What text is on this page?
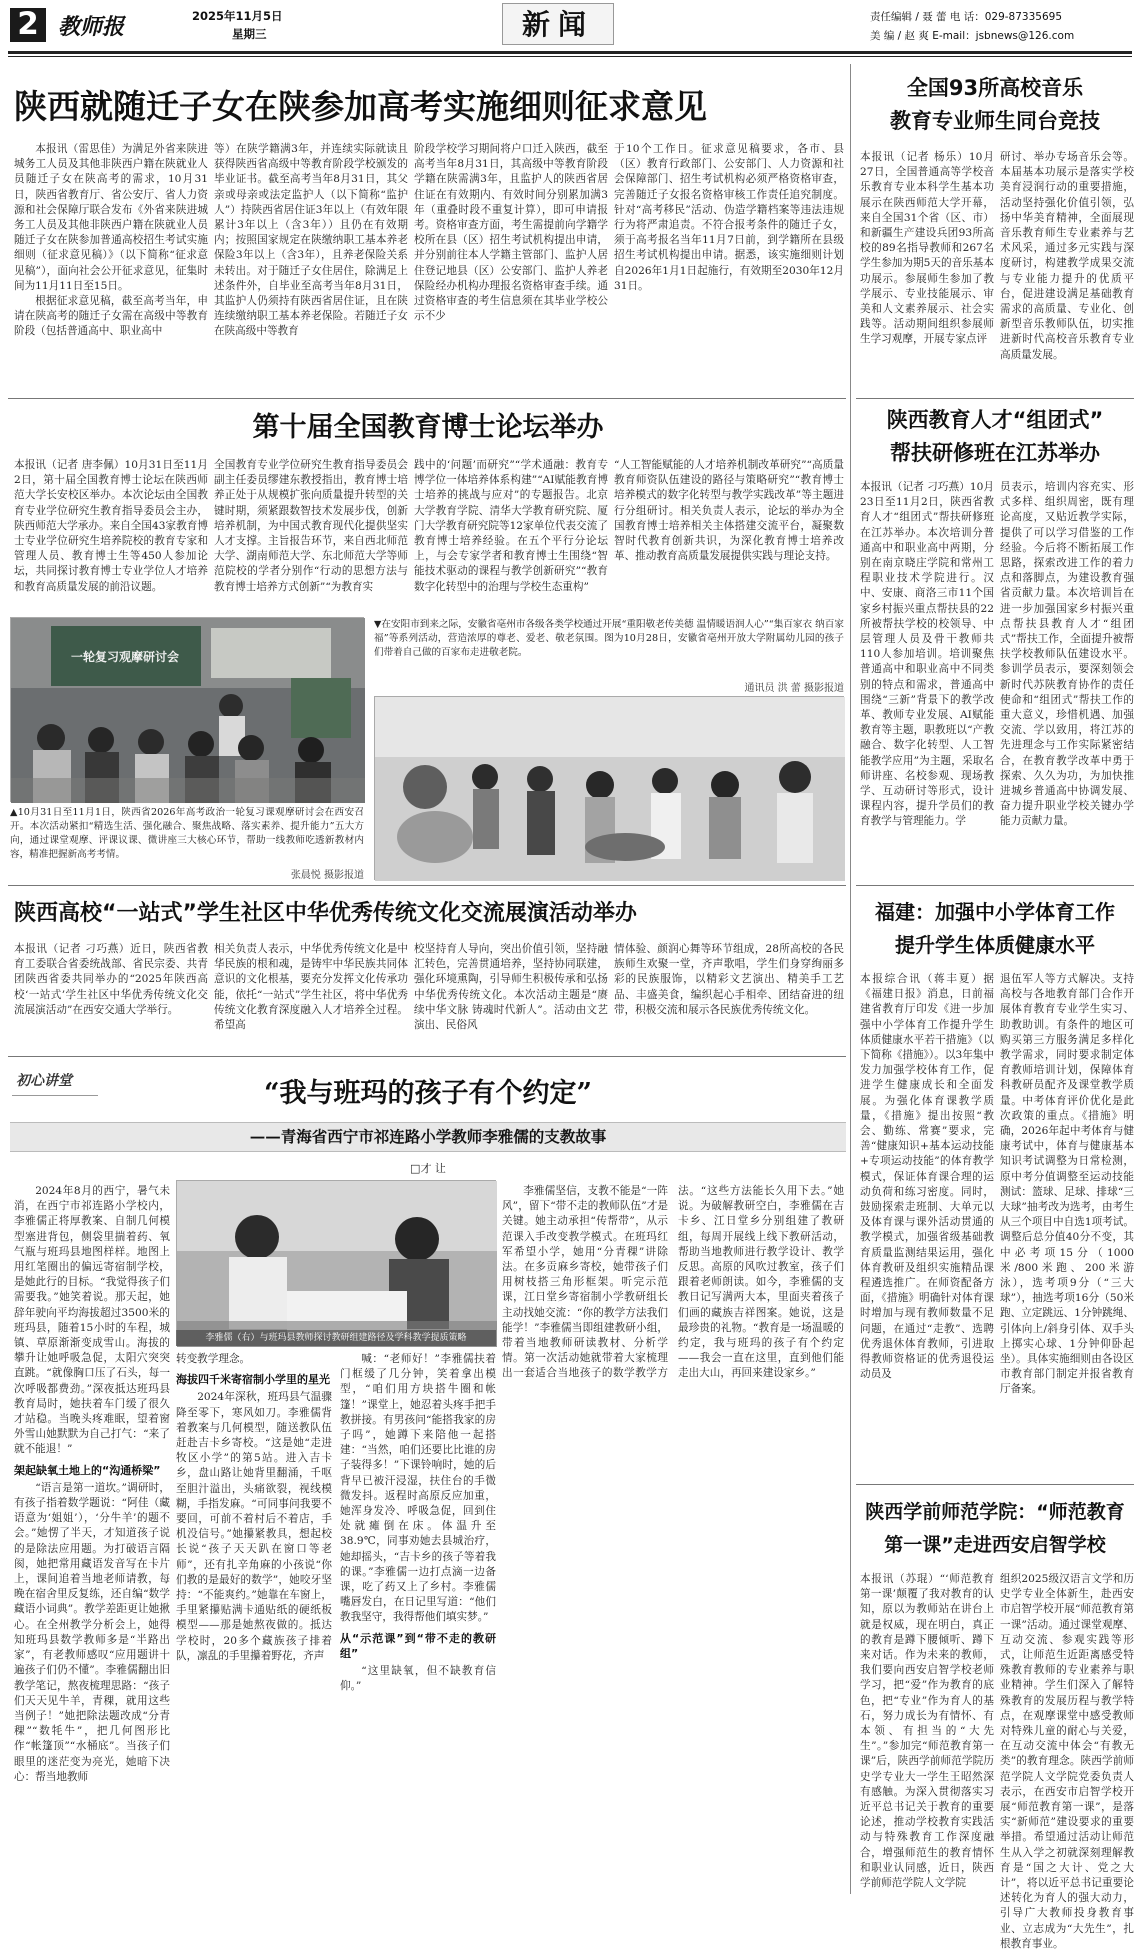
2 教师报	2025年11月5日
星期三	新闻	责任编辑 / 聂 蕾 电 话：029-87335695
美 编 / 赵 爽 E-mail：jsbnews@126.com
陕西就随迁子女在陕参加高考实施细则征求意见

本报讯（雷思佳）为满足外省来陕进城务工人员及其他非陕西户籍在陕就业人员随迁子女在陕高考的需求，10月31日，陕西省教育厅、省公安厅、省人力资源和社会保障厅联合发布《外省来陕进城务工人员及其他非陕西户籍在陕就业人员随迁子女在陕参加普通高校招生考试实施细则（征求意见稿）》（以下简称“征求意见稿”），面向社会公开征求意见，征集时间为11月11日至15日。

根据征求意见稿，截至高考当年，申请在陕高考的随迁子女需在高级中等教育阶段（包括普通高中、职业高中

等）在陕学籍满3年，并连续实际就读且获得陕西省高级中等教育阶段学校颁发的毕业证书。截至高考当年8月31日，其父亲或母亲或法定监护人（以下简称“监护人”）持陕西省居住证3年以上（有效年限累计3年以上（含3年））且仍在有效期内；按照国家规定在陕缴纳职工基本养老保险3年以上（含3年），且养老保险关系未转出。对于随迁子女住居住，除满足上述条件外，自毕业至高考当年8月31日，其监护人仍须持有陕西省居住证，且在陕连续缴纳职工基本养老保险。若随迁子女在陕高级中等教育
阶段学校学习期间将户口迁入陕西，截至高考当年8月31日，其高级中等教育阶段学籍在陕需满3年，且监护人的陕西省居住证在有效期内、有效时间分别累加满3年（重叠时段不重复计算），即可申请报考。资格审查方面，考生需提前向学籍学校所在县（区）招生考试机构提出申请，并分别前往本人学籍主管部门、监护人居住登记地县（区）公安部门、监护人养老保险经办机构办理报名资格审查手续。通过资格审查的考生信息须在其毕业学校公示不少
于10个工作日。征求意见稿要求，各市、县（区）教育行政部门、公安部门、人力资源和社会保障部门、招生考试机构必须严格资格审查，完善随迁子女报名资格审核工作责任追究制度。针对“高考移民”活动、伪造学籍档案等违法违规行为将严肃追责。不符合报考条件的随迁子女，须于高考报名当年11月7日前，到学籍所在县级招生考试机构提出申请。据悉，该实施细则计划自2026年1月1日起施行，有效期至2030年12月31日。
全国93所高校音乐
教育专业师生同台竞技
本报讯（记者 杨乐）10月27日，全国普通高等学校音乐教育专业本科学生基本功展示在陕西师范大学开幕，来自全国31个省（区、市）和新疆生产建设兵团93所高校的89名指导教师和267名学生参加为期5天的音乐基本功展示。参展师生参加了教学展示、专业技能展示、审美和人文素养展示、社会实践等。活动期间组织参展师生学习观摩，开展专家点评
研讨、举办专场音乐会等。本届基本功展示是落实学校美育浸润行动的重要措施，活动坚持强化价值引领，弘扬中华美育精神，全面展现音乐教育师生专业素养与艺术风采，通过多元实践与深度研讨，构建教学成果交流与专业能力提升的优质平台，促进建设满足基础教育需求的高质量、专业化、创新型音乐教师队伍，切实推进新时代高校音乐教育专业高质量发展。
第十届全国教育博士论坛举办
本报讯（记者 唐李佩）10月31日至11月2日，第十届全国教育博士论坛在陕西师范大学长安校区举办。本次论坛由全国教育专业学位研究生教育指导委员会主办，陕西师范大学承办。来自全国43家教育博士专业学位研究生培养院校的教育专家和管理人员、教育博士生等450人参加论坛，共同探讨教育博士专业学位人才培养和教育高质量发展的前沿议题。
全国教育专业学位研究生教育指导委员会副主任委员缪建东教授指出，教育博士培养正处于从规模扩张向质量提升转型的关键时期，须紧跟数智技术发展步伐，创新培养机制，为中国式教育现代化提供坚实人才支撑。主旨报告环节，来自西北师范大学、湖南师范大学、东北师范大学等师范院校的学者分别作“行动的思想方法与教育博士培养方式创新”“为教育实
践中的‘问题’而研究”“学术通融：教育专博学位一体培养体系构建”“AI赋能教育博士培养的挑战与应对”的专题报告。北京大学教育学院、清华大学教育研究院、厦门大学教育研究院等12家单位代表交流了教育博士培养经验。在五个平行分论坛上，与会专家学者和教育博士生围绕“智能技术驱动的课程与教学创新研究”“教育数字化转型中的治理与学校生态重构”
“人工智能赋能的人才培养机制改革研究”“高质量教育师资队伍建设的路径与策略研究”“教育博士培养模式的数字化转型与教学实践改革”等主题进行分组研讨。相关负责人表示，论坛的举办为全国教育博士培养相关主体搭建交流平台，凝聚数智时代教育创新共识，为深化教育博士培养改革、推动教育高质量发展提供实践与理论支持。
一轮复习观摩研讨会
▲10月31日至11月1日，陕西省2026年高考政治一轮复习课观摩研讨会在西安召开。本次活动紧扣“精选生活、强化融合、聚焦战略、落实素养、提升能力”五大方向，通过课堂观摩、评课议课、微讲座三大核心环节，帮助一线教师吃透新教材内容，精准把握新高考考情。
张晨悦 摄影报道
▼在安阳市到来之际，安徽省亳州市各级各类学校通过开展“重阳敬老传美德 温情暖语润人心”“集百家衣 纳百家福”等系列活动，营造浓厚的尊老、爱老、敬老氛围。图为10月28日，安徽省亳州开放大学附属幼儿园的孩子们带着自己做的百家布走进敬老院。
通讯员 洪 蕾 摄影报道
陕西教育人才“组团式”
帮扶研修班在江苏举办
本报讯（记者 刁巧燕）10月23日至11月2日，陕西省教育人才“组团式”帮扶研修班在江苏举办。本次培训分普通高中和职业高中两期，分别在南京晓庄学院和常州工程职业技术学院进行。汉中、安康、商洛三市11个国家乡村振兴重点帮扶县的22所被帮扶学校的校领导、中层管理人员及骨干教师共110人参加培训。培训聚焦普通高中和职业高中不同类别的特点和需求，普通高中围绕“三新”背景下的教学改革、教师专业发展、AI赋能教育等主题，职教班以“产教融合、数字化转型、人工智能教学应用”为主题，采取名师讲座、名校参观、现场教学、互动研讨等形式，设计课程内容，提升学员们的教育教学与管理能力。学
员表示，培训内容充实、形式多样、组织周密，既有理论高度，又贴近教学实际，提供了可以学习借鉴的工作经验。今后将不断拓展工作思路，探索改进工作的着力点和落脚点，为建设教育强省贡献力量。本次培训旨在进一步加强国家乡村振兴重点帮扶县教育人才“组团式”帮扶工作，全面提升被帮扶学校教师队伍建设水平。参训学员表示，要深刻领会新时代苏陕教育协作的责任使命和“组团式”帮扶工作的重大意义，珍惜机遇、加强交流、学以致用，将江苏的先进理念与工作实际紧密结合，在教育教学改革中勇于探索、久久为功，为加快推进城乡普通高中协调发展、奋力提升职业学校关键办学能力贡献力量。
陕西高校“一站式”学生社区中华优秀传统文化交流展演活动举办
本报讯（记者 刁巧燕）近日，陕西省教育工委联合省委统战部、省民宗委、共青团陕西省委共同举办的“2025年陕西高校‘一站式’学生社区中华优秀传统文化交流展演活动”在西安交通大学举行。
相关负责人表示，中华优秀传统文化是中华民族的根和魂，是铸牢中华民族共同体意识的文化根基，要充分发挥文化传承功能，依托“一站式”学生社区，将中华优秀传统文化教育深度融入人才培养全过程。希望高
校坚持育人导向，突出价值引领，坚持融汇转色，完善贯通培养，坚持协同联建，强化环境熏陶，引导师生积极传承和弘扬中华优秀传统文化。本次活动主题是“赓续中华文脉 铸魂时代新人”。活动由文艺演出、民俗风
情体验、颜润心舞等环节组成，28所高校的各民族师生欢聚一堂，齐声歌唱，学生们身穿绚丽多彩的民族服饰，以精彩文艺演出、精美手工艺品、丰盛美食，编织起心手相牵、团结奋进的纽带，积极交流和展示各民族优秀传统文化。
福建：加强中小学体育工作
提升学生体质健康水平
本报综合讯（蒋丰夏）据《福建日报》消息，日前福建省教育厅印发《进一步加强中小学体育工作提升学生体质健康水平若干措施》（以下简称《措施》）。以3年集中发力加强学校体育工作，促进学生健康成长和全面发展。为强化体育课教学质量，《措施》提出按照“教会、勤练、常赛”要求，完善“健康知识+基本运动技能+专项运动技能”的体育教学模式，保证体育课合理的运动负荷和练习密度。同时，鼓励探索走班制、大单元以及体育课与课外活动贯通的教学模式，加强省级基础教育质量监测结果运用，强化体育教研及组织实施精品课程遴选推广。在师资配备方面，《措施》明确针对体育课时增加与现有教师数量不足问题，在通过“走教”、选聘优秀退休体育教师，引进取得教师资格证的优秀退役运动员及
退伍军人等方式解决。支持高校与各地教育部门合作开展体育教育专业学生实习、助教助训。有条件的地区可购买第三方服务满足多样化教学需求，同时要求制定体育教师培训计划，保障体育科教研员配齐及课堂教学质量。中考体育评价优化是此次政策的重点。《措施》明确，2026年起中考体育与健康考试中，体育与健康基本知识考试调整为日常检测，原中考分值调整至运动技能测试：篮球、足球、排球“三大球”抽考改为选考，由考生从三个项目中自选1项考试。调整后总分值40分不变，其中必考项15分（1000米/800米跑、200米游泳），选考项9分（“三大球”），抽选考项16分（50米跑、立定跳远、1分钟跳绳、引体向上/斜身引体、双手头上掷实心球、1分钟仰卧起坐）。具体实施细则由各设区市教育部门制定并报省教育厅备案。
初心讲堂	“我与班玛的孩子有个约定”
——青海省西宁市祁连路小学教师李雅儒的支教故事
□才 让

2024年8月的西宁，暑气未消，在西宁市祁连路小学校内，李雅儒正将厚教案、自制几何模型塞进背包，侧袋里揣着药、氧气瓶与班玛县地图样样。地图上用红笔圈出的偏远寄宿制学校，是她此行的目标。“我觉得孩子们需要我。”她笑着说。那天起，她辞年驶向平均海拔超过3500米的班玛县，随着15小时的车程，城镇、草原渐渐变成雪山。海拔的攀升让她呼吸急促，太阳穴突突直跳。“就像胸口压了石头，每一次呼吸都费劲。”深夜抵达班玛县教育局时，她扶着车门缓了很久才站稳。当晚头疼难眠，望着窗外雪山她默默为自己打气：“来了就不能退！”

架起缺氧土地上的“沟通桥梁”

“语言是第一道坎。”调研时，有孩子指着数学题说：“阿佳（藏语意为‘姐姐’），‘分牛羊’的题不会。”她愣了半天，才知道孩子说的是除法应用题。为打破语言隔阂，她把常用藏语发音写在卡片上，课间追着当地老师请教，每晚在宿舍里反复练，还自编“数学藏语小词典”。教学差距更让她揪心。在全州教学分析会上，她得知班玛县数学教师多是“半路出家”，有老教师感叹“应用题讲十遍孩子们仍不懂”。李雅儒翻出旧教学笔记，熬夜梳理思路：“孩子们天天见牛羊，青稞，就用这些当例子！”她把除法题改成“分青稞”“数牦牛”，把几何图形比作“帐篷顶”“水桶底”。当孩子们眼里的迷茫变为亮光，她暗下决心：帮当地教师

李雅儒（右）与班玛县教师探讨教研组建路径及学科教学提质策略
转变教学理念。
海拔四千米寄宿制小学里的星光

2024年深秋，班玛县气温骤降至零下，寒风如刀。李雅儒背着教案与几何模型，随送教队伍赶赴吉卡乡寄校。“这是她“走进牧区小学”的第5站。进入吉卡乡，盘山路让她背里翻涌，千呕至胆汁溢出，头痛欲裂，视线模糊，手指发麻。“可同事问我要不要回，可前不着村后不着店，手机没信号。”她攥紧教具，想起校长说“孩子天天趴在窗口等老师”，还有扎辛角麻的小孩说“你们教的是最好的数学”，她咬牙坚持：“不能爽约。”她靠在车窗上，手里紧攥贴满卡通贴纸的硬纸板模型——那是她熬夜做的。抵达学校时，20多个藏族孩子排着队，凛乱的手里攥着野花，齐声

喊：“老师好！”李雅儒扶着门框缓了几分钟，笑着拿出模型，“咱们用方块搭牛圈和帐篷！”课堂上，她忍着头疼手把手教拼接。有男孩问“能搭我家的房子吗”，她蹲下来陪他一起搭建：“当然，咱们还要比比谁的房子装得多！”下课铃响时，她的后背早已被汗浸湿，扶住台的手微微发抖。返程时高原反应加重，她浑身发冷、呼吸急促，回到住处就瘫倒在床。体温升至38.9℃，同事劝她去县城治疗，她却摇头，“吉卡乡的孩子等着我的课。”李雅儒一边打点滴一边备课，吃了药又上了乡村。李雅儒嘴唇发白，在日记里写道：“他们教我坚守，我得帮他们填实梦。”

从“示范课”到“带不走的教研组”

“这里缺氧，但不缺教育信仰。”

李雅儒坚信，支教不能是“一阵风”，留下“带不走的教师队伍”才是关键。她主动承担“传帮带”，从示范课入手改变教学模式。在班玛红军希望小学，她用“分青稞”讲除法。在多贡麻乡寄校，她带孩子们用树枝搭三角形框架。听完示范课，江日堂乡寄宿制小学教研组长主动找她交流：“你的教学方法我们能学！”李雅儒当即组建教研小组，带着当地教师研读教材、分析学情。第一次活动她就带着大家梳理出一套适合当地孩子的数学教学方法。“这些方法能长久用下去。”她说。为破解教研空白，李雅儒在吉卡乡、江日堂乡分别组建了教研组，每周开展线上线下教研活动，帮助当地教师进行教学设计、教学反思。高原的风吹过教室，孩子们跟着老师朗读。如今，李雅儒的支教日记写满两大本，里面夹着孩子们画的藏族吉祥图案。她说，这是最珍贵的礼物。“教育是一场温暖的约定，我与班玛的孩子有个约定——我会一直在这里，直到他们能走出大山，再回来建设家乡。”

陕西学前师范学院：“师范教育
第一课”走进西安启智学校
本报讯（苏琨）“‘师范教育第一课’颠覆了我对教育的认知，原以为教师站在讲台上就是权威，现在明白，真正的教育是蹲下腰倾听、蹲下来对话。作为未来的教师，我们要向西安启智学校老师学习，把“爱”作为教育的底色，把“专业”作为育人的基石，努力成长为有情怀、有本领、有担当的“大先生”。”参加完“师范教育第一课”后，陕西学前师范学院历史学专业大一学生王昭然深有感触。为深入贯彻落实习近平总书记关于教育的重要论述，推动学校教育实践活动与特殊教育工作深度融合，增强师范生的教育情怀和职业认同感，近日，陕西学前师范学院人文学院
组织2025级汉语言文学和历史学专业全体新生，赴西安市启智学校开展“师范教育第一课”活动。通过课堂观摩、互动交流、参观实践等形式，让师范生近距离感受特殊教育教师的专业素养与职业精神。学生们深入了解特殊教育的发展历程与教学特点，在观摩课堂中感受教师对特殊儿童的耐心与关爱，在互动交流中体会“有教无类”的教育理念。陕西学前师范学院人文学院党委负责人表示，在西安市启智学校开展“师范教育第一课”，是落实“新师范”建设要求的重要举措。希望通过活动让师范生从入学之初就深刻理解教育是“国之大计、党之大计”，将以近平总书记重要论述转化为育人的强大动力，引导广大教师投身教育事业、立志成为“大先生”，扎根教育事业。
